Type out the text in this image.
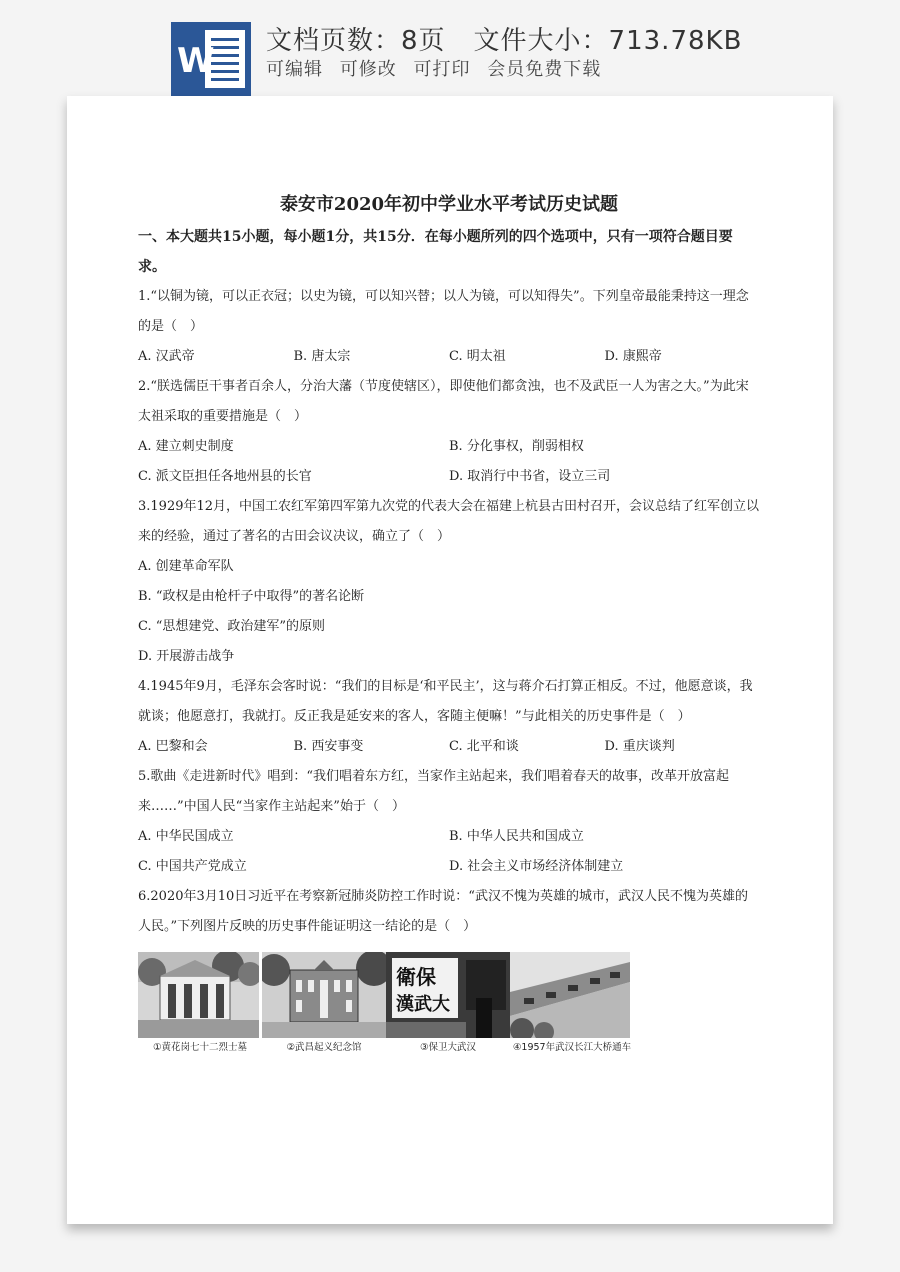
W 文档页数：8页 文件大小：713.78KB
可编辑 可修改 可打印 会员免费下载
泰安市2020年初中学业水平考试历史试题
一、本大题共15小题，每小题1分，共15分．在每小题所列的四个选项中，只有一项符合题目要求。
1.“以铜为镜，可以正衣冠；以史为镜，可以知兴替；以人为镜，可以知得失”。下列皇帝最能秉持这一理念的是（　）
A. 汉武帝	B. 唐太宗	C. 明太祖	D. 康熙帝
2.“朕选儒臣干事者百余人，分治大藩（节度使辖区），即使他们都贪浊，也不及武臣一人为害之大。”为此宋太祖采取的重要措施是（　）
A. 建立刺史制度	B. 分化事权，削弱相权
C. 派文臣担任各地州县的长官	D. 取消行中书省，设立三司
3.1929年12月，中国工农红军第四军第九次党的代表大会在福建上杭县古田村召开，会议总结了红军创立以来的经验，通过了著名的古田会议决议，确立了（　）
A. 创建革命军队
B. “政权是由枪杆子中取得”的著名论断
C. “思想建党、政治建军”的原则
D. 开展游击战争
4.1945年9月，毛泽东会客时说：“我们的目标是‘和平民主’，这与蒋介石打算正相反。不过，他愿意谈，我就谈；他愿意打，我就打。反正我是延安来的客人，客随主便嘛！”与此相关的历史事件是（　）
A. 巴黎和会	B. 西安事变	C. 北平和谈	D. 重庆谈判
5.歌曲《走进新时代》唱到：“我们唱着东方红，当家作主站起来，我们唱着春天的故事，改革开放富起来……”中国人民“当家作主站起来”始于（　）
A. 中华民国成立	B. 中华人民共和国成立
C. 中国共产党成立	D. 社会主义市场经济体制建立
6.2020年3月10日习近平在考察新冠肺炎防控工作时说：“武汉不愧为英雄的城市，武汉人民不愧为英雄的人民。”下列图片反映的历史事件能证明这一结论的是（　）
①黄花岗七十二烈士墓	②武昌起义纪念馆
衛保
漢武大
③保卫大武汉	④1957年武汉长江大桥通车
